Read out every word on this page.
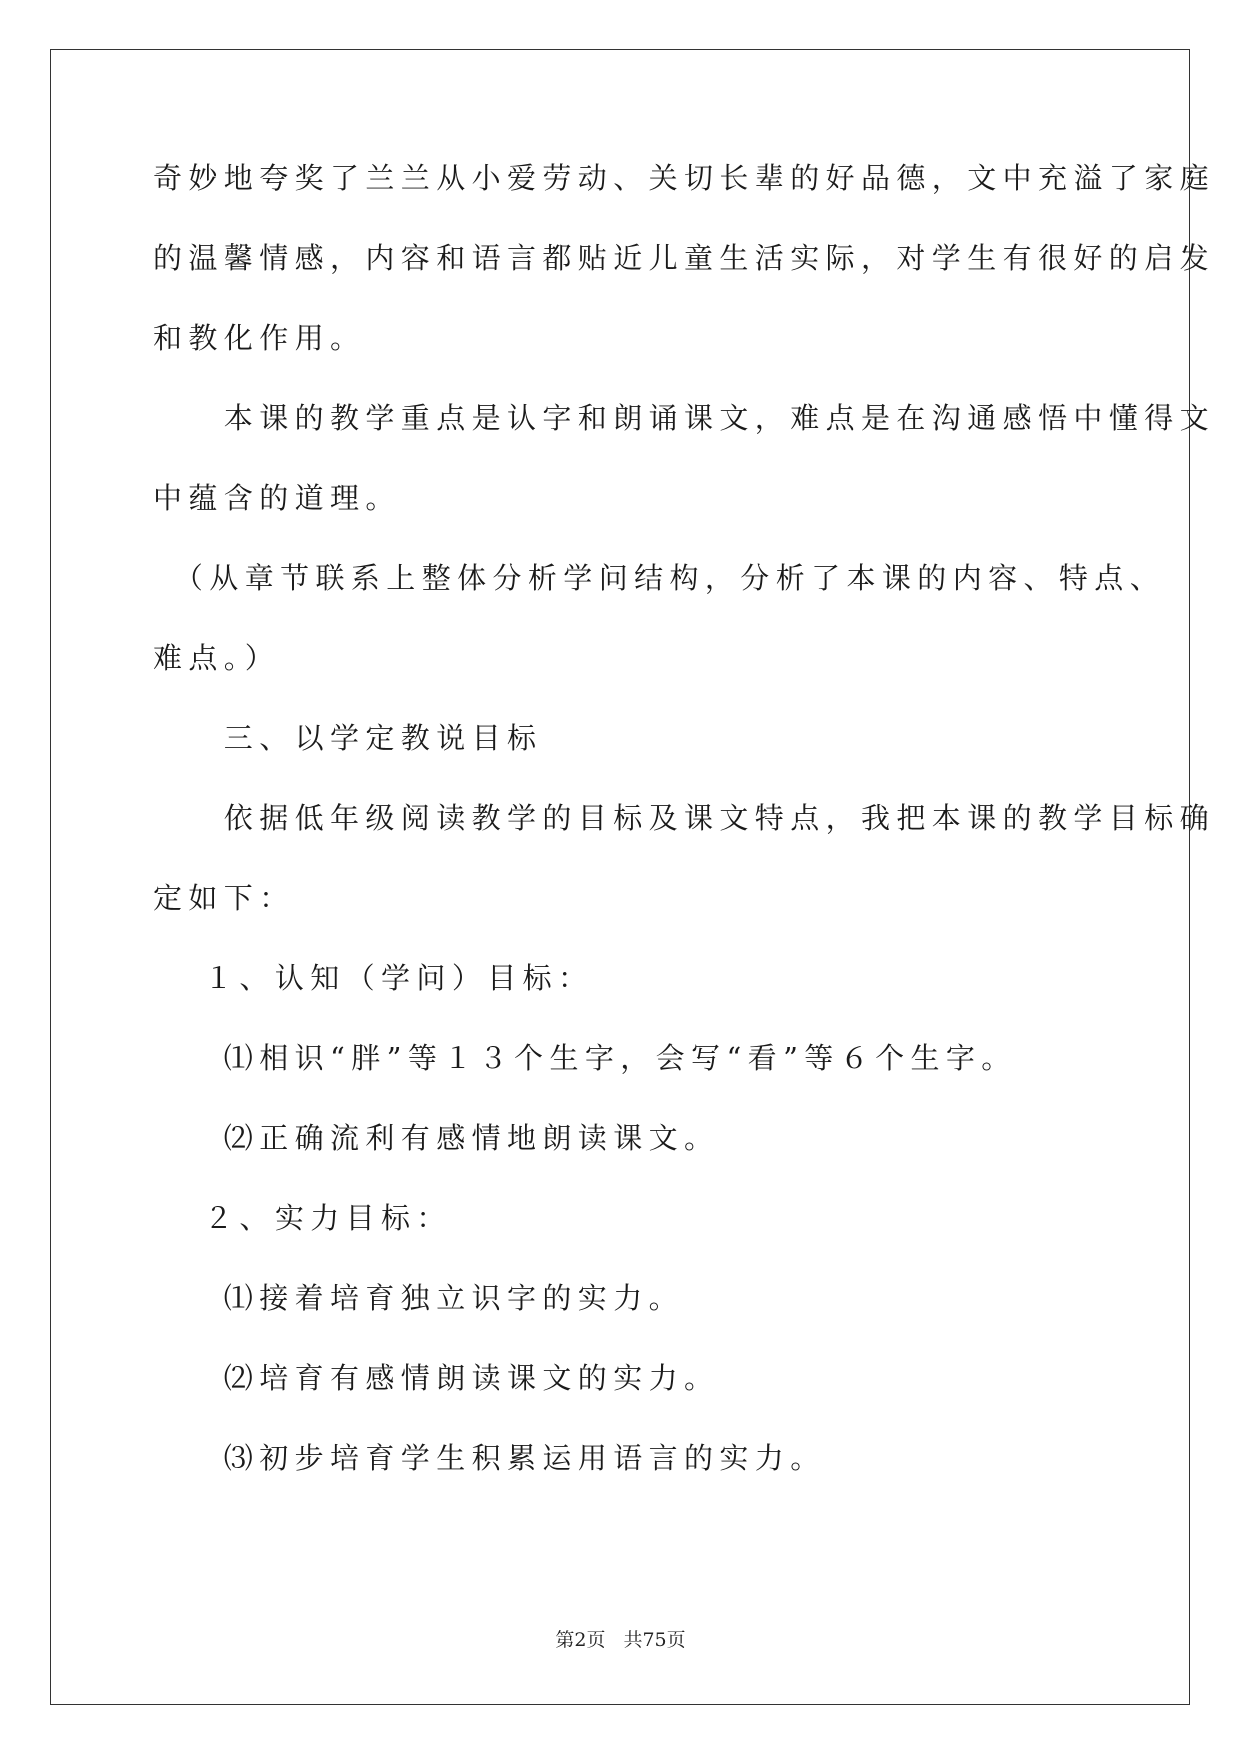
奇妙地夸奖了兰兰从小爱劳动、关切长辈的好品德，文中充溢了家庭
的温馨情感，内容和语言都贴近儿童生活实际，对学生有很好的启发
和教化作用。
　　本课的教学重点是认字和朗诵课文，难点是在沟通感悟中懂得文
中蕴含的道理。
　（从章节联系上整体分析学问结构，分析了本课的内容、特点、
难点。）
　　三、以学定教说目标
　　依据低年级阅读教学的目标及课文特点，我把本课的教学目标确
定如下：
　 １、认知（学问）目标：
　　⑴相识“胖”等１３个生字，会写“看”等６个生字。
　　⑵正确流利有感情地朗读课文。
　 ２、实力目标：
　　⑴接着培育独立识字的实力。
　　⑵培育有感情朗读课文的实力。
　　⑶初步培育学生积累运用语言的实力。
第2页 共75页
